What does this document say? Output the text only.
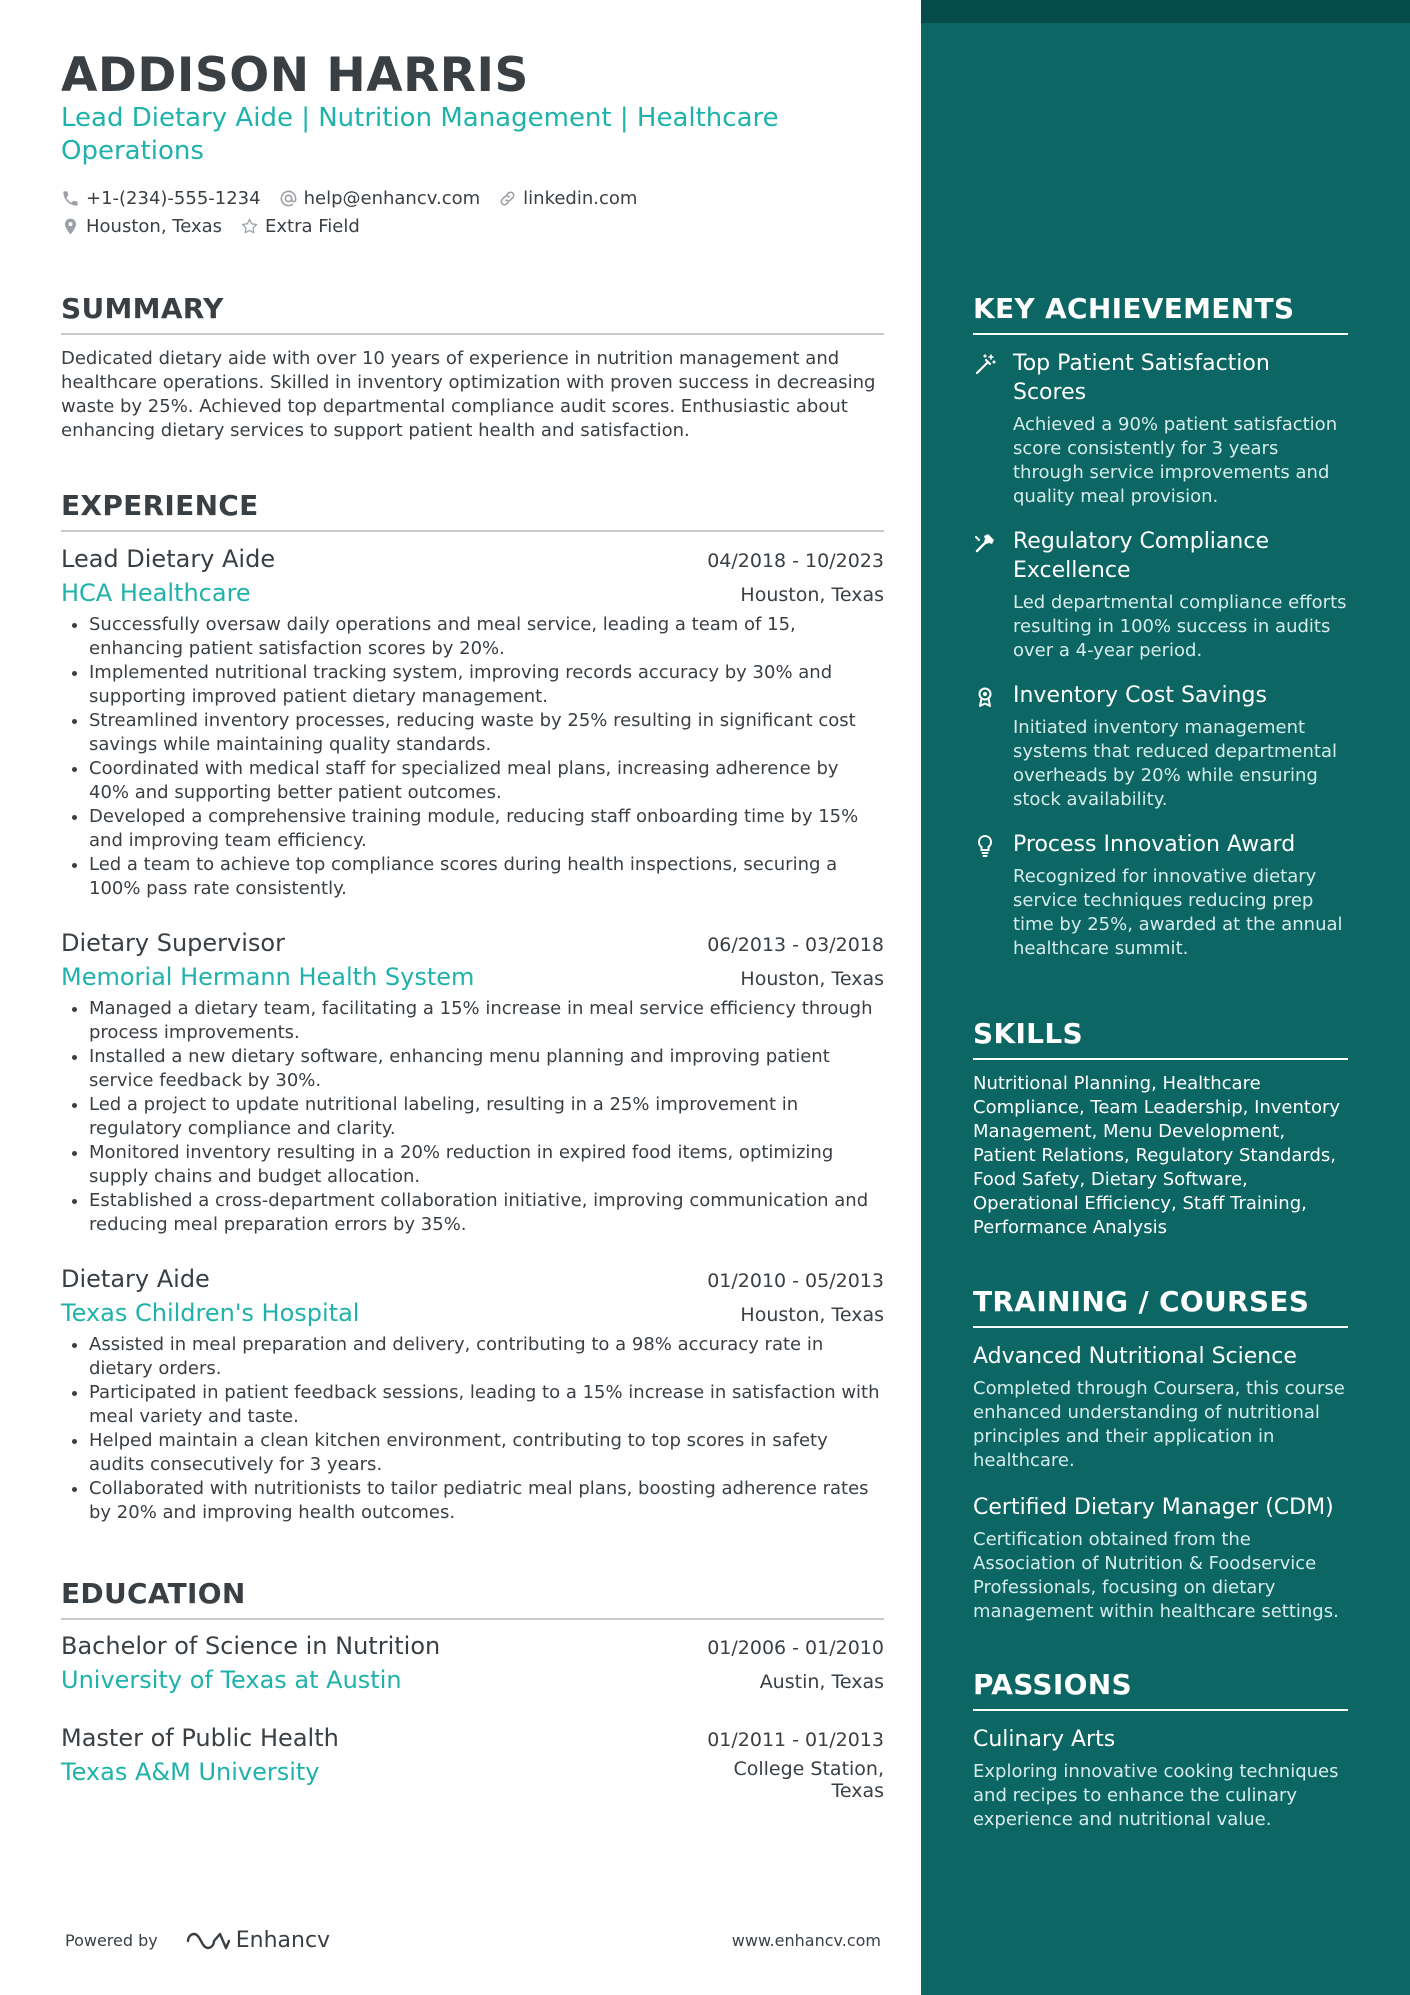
ADDISON HARRIS

Lead Dietary Aide | Nutrition Management | Healthcare Operations

+1-(234)-555-1234 help@enhancv.com linkedin.com
Houston, Texas Extra Field
SUMMARY

Dedicated dietary aide with over 10 years of experience in nutrition management and healthcare operations. Skilled in inventory optimization with proven success in decreasing waste by 25%. Achieved top departmental compliance audit scores. Enthusiastic about enhancing dietary services to support patient health and satisfaction.

EXPERIENCE
Lead Dietary Aide	04/2018 - 10/2023
HCA Healthcare	Houston, Texas
• Successfully oversaw daily operations and meal service, leading a team of 15, enhancing patient satisfaction scores by 20%.
• Implemented nutritional tracking system, improving records accuracy by 30% and supporting improved patient dietary management.
• Streamlined inventory processes, reducing waste by 25% resulting in significant cost savings while maintaining quality standards.
• Coordinated with medical staff for specialized meal plans, increasing adherence by 40% and supporting better patient outcomes.
• Developed a comprehensive training module, reducing staff onboarding time by 15% and improving team efficiency.
• Led a team to achieve top compliance scores during health inspections, securing a 100% pass rate consistently.
Dietary Supervisor	06/2013 - 03/2018
Memorial Hermann Health System	Houston, Texas
• Managed a dietary team, facilitating a 15% increase in meal service efficiency through process improvements.
• Installed a new dietary software, enhancing menu planning and improving patient service feedback by 30%.
• Led a project to update nutritional labeling, resulting in a 25% improvement in regulatory compliance and clarity.
• Monitored inventory resulting in a 20% reduction in expired food items, optimizing supply chains and budget allocation.
• Established a cross-department collaboration initiative, improving communication and reducing meal preparation errors by 35%.
Dietary Aide	01/2010 - 05/2013
Texas Children's Hospital	Houston, Texas
• Assisted in meal preparation and delivery, contributing to a 98% accuracy rate in dietary orders.
• Participated in patient feedback sessions, leading to a 15% increase in satisfaction with meal variety and taste.
• Helped maintain a clean kitchen environment, contributing to top scores in safety audits consecutively for 3 years.
• Collaborated with nutritionists to tailor pediatric meal plans, boosting adherence rates by 20% and improving health outcomes.
EDUCATION
Bachelor of Science in Nutrition	01/2006 - 01/2010
University of Texas at Austin	Austin, Texas
Master of Public Health	01/2011 - 01/2013
Texas A&M University	College Station,
Texas
Powered by	Enhancv	www.enhancv.com
KEY ACHIEVEMENTS
Top Patient Satisfaction Scores
Achieved a 90% patient satisfaction score consistently for 3 years through service improvements and quality meal provision.
Regulatory Compliance Excellence
Led departmental compliance efforts resulting in 100% success in audits over a 4-year period.
Inventory Cost Savings
Initiated inventory management systems that reduced departmental overheads by 20% while ensuring stock availability.
Process Innovation Award
Recognized for innovative dietary service techniques reducing prep time by 25%, awarded at the annual healthcare summit.
SKILLS
Nutritional Planning, Healthcare Compliance, Team Leadership, Inventory Management, Menu Development, Patient Relations, Regulatory Standards, Food Safety, Dietary Software, Operational Efficiency, Staff Training, Performance Analysis
TRAINING / COURSES
Advanced Nutritional Science
Completed through Coursera, this course enhanced understanding of nutritional principles and their application in healthcare.
Certified Dietary Manager (CDM)
Certification obtained from the Association of Nutrition & Foodservice Professionals, focusing on dietary management within healthcare settings.
PASSIONS
Culinary Arts
Exploring innovative cooking techniques and recipes to enhance the culinary experience and nutritional value.
